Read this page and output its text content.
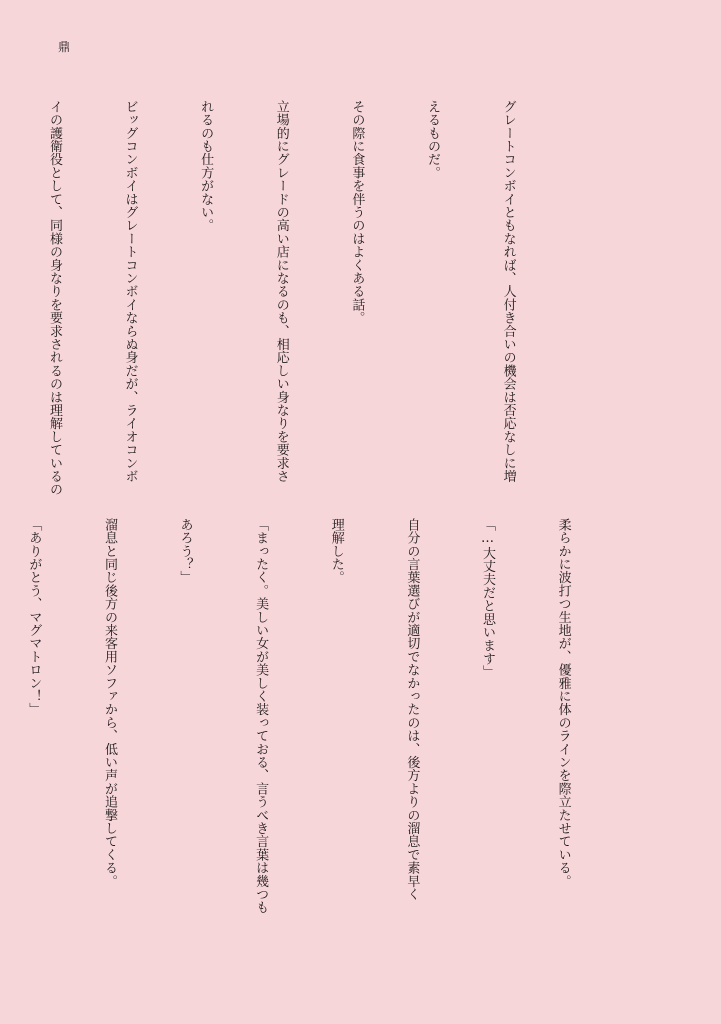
鼎

グレートコンボイともなれば、人付き合いの機会は否応なしに増

えるものだ。

その際に食事を伴うのはよくある話。

立場的にグレードの高い店になるのも、相応しい身なりを要求さ

れるのも仕方がない。

ビッグコンボイはグレートコンボイならぬ身だが、ライオコンボ

イの護衛役として、同様の身なりを要求されるのは理解しているの

柔らかに波打つ生地が、優雅に体のラインを際立たせている。

「…大丈夫だと思います」

自分の言葉選びが適切でなかったのは、後方よりの溜息で素早く

理解した。

「まったく。美しい女が美しく装っておる、言うべき言葉は幾つも

あろう？」

溜息と同じ後方の来客用ソファから、低い声が追撃してくる。

「ありがとう、マグマトロン！」
